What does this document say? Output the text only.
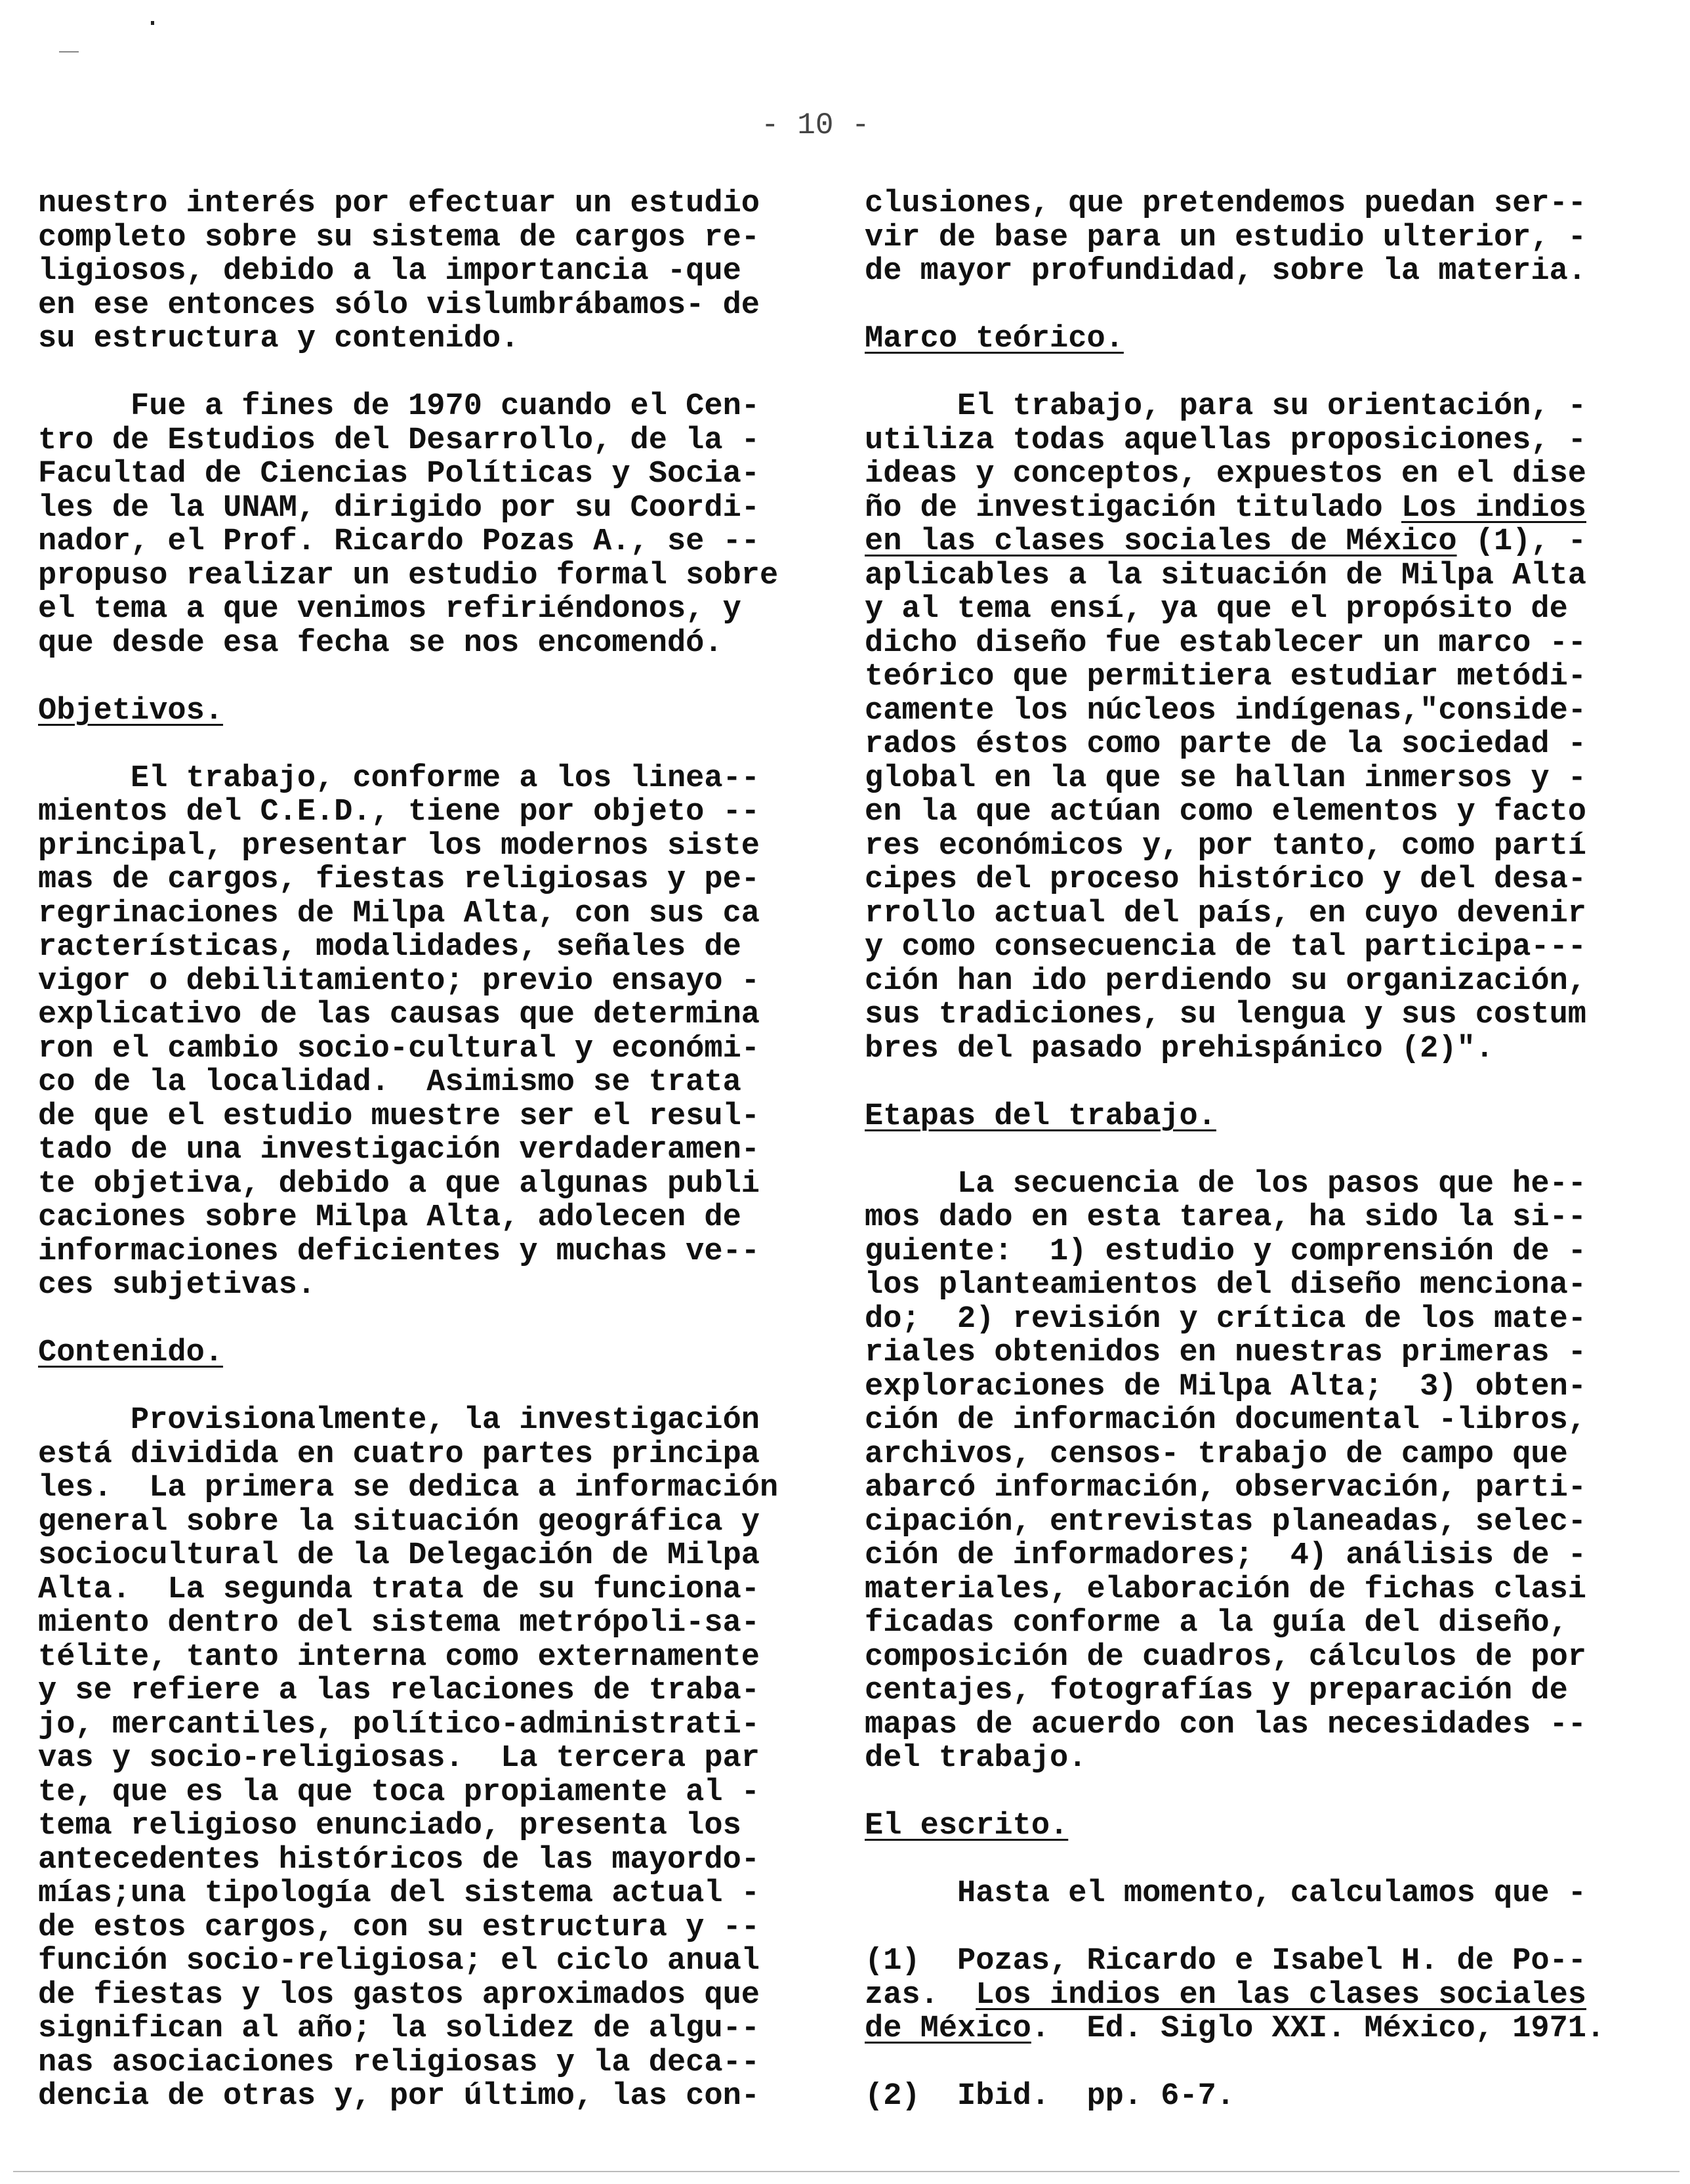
- 10 -
nuestro interés por efectuar un estudio
completo sobre su sistema de cargos re-
ligiosos, debido a la importancia -que
en ese entonces sólo vislumbrábamos- de
su estructura y contenido.
Fue a fines de 1970 cuando el Cen-
tro de Estudios del Desarrollo, de la -
Facultad de Ciencias Políticas y Socia-
les de la UNAM, dirigido por su Coordi-
nador, el Prof. Ricardo Pozas A., se --
propuso realizar un estudio formal sobre
el tema a que venimos refiriéndonos, y
que desde esa fecha se nos encomendó.
Objetivos.
El trabajo, conforme a los linea--
mientos del C.E.D., tiene por objeto --
principal, presentar los modernos siste
mas de cargos, fiestas religiosas y pe-
regrinaciones de Milpa Alta, con sus ca
racterísticas, modalidades, señales de
vigor o debilitamiento; previo ensayo -
explicativo de las causas que determina
ron el cambio socio-cultural y económi-
co de la localidad.  Asimismo se trata
de que el estudio muestre ser el resul-
tado de una investigación verdaderamen-
te objetiva, debido a que algunas publi
caciones sobre Milpa Alta, adolecen de
informaciones deficientes y muchas ve--
ces subjetivas.
Contenido.
Provisionalmente, la investigación
está dividida en cuatro partes principa
les.  La primera se dedica a información
general sobre la situación geográfica y
sociocultural de la Delegación de Milpa
Alta.  La segunda trata de su funciona-
miento dentro del sistema metrópoli-sa-
télite, tanto interna como externamente
y se refiere a las relaciones de traba-
jo, mercantiles, político-administrati-
vas y socio-religiosas.  La tercera par
te, que es la que toca propiamente al -
tema religioso enunciado, presenta los
antecedentes históricos de las mayordo-
mías;una tipología del sistema actual -
de estos cargos, con su estructura y --
función socio-religiosa; el ciclo anual
de fiestas y los gastos aproximados que
significan al año; la solidez de algu--
nas asociaciones religiosas y la deca--
dencia de otras y, por último, las con-
clusiones, que pretendemos puedan ser--
vir de base para un estudio ulterior, -
de mayor profundidad, sobre la materia.
Marco teórico.
El trabajo, para su orientación, -
utiliza todas aquellas proposiciones, -
ideas y conceptos, expuestos en el dise
ño de investigación titulado Los indios
en las clases sociales de México (1), -
aplicables a la situación de Milpa Alta
y al tema ensí, ya que el propósito de
dicho diseño fue establecer un marco --
teórico que permitiera estudiar metódi-
camente los núcleos indígenas,"conside-
rados éstos como parte de la sociedad -
global en la que se hallan inmersos y -
en la que actúan como elementos y facto
res económicos y, por tanto, como partí
cipes del proceso histórico y del desa-
rrollo actual del país, en cuyo devenir
y como consecuencia de tal participa---
ción han ido perdiendo su organización,
sus tradiciones, su lengua y sus costum
bres del pasado prehispánico (2)".
Etapas del trabajo.
La secuencia de los pasos que he--
mos dado en esta tarea, ha sido la si--
guiente:  1) estudio y comprensión de -
los planteamientos del diseño menciona-
do;  2) revisión y crítica de los mate-
riales obtenidos en nuestras primeras -
exploraciones de Milpa Alta;  3) obten-
ción de información documental -libros,
archivos, censos- trabajo de campo que
abarcó información, observación, parti-
cipación, entrevistas planeadas, selec-
ción de informadores;  4) análisis de -
materiales, elaboración de fichas clasi
ficadas conforme a la guía del diseño,
composición de cuadros, cálculos de por
centajes, fotografías y preparación de
mapas de acuerdo con las necesidades --
del trabajo.
El escrito.
Hasta el momento, calculamos que -
(1)  Pozas, Ricardo e Isabel H. de Po--
zas.  Los indios en las clases sociales
de México.  Ed. Siglo XXI. México, 1971.
(2)  Ibid.  pp. 6-7.
